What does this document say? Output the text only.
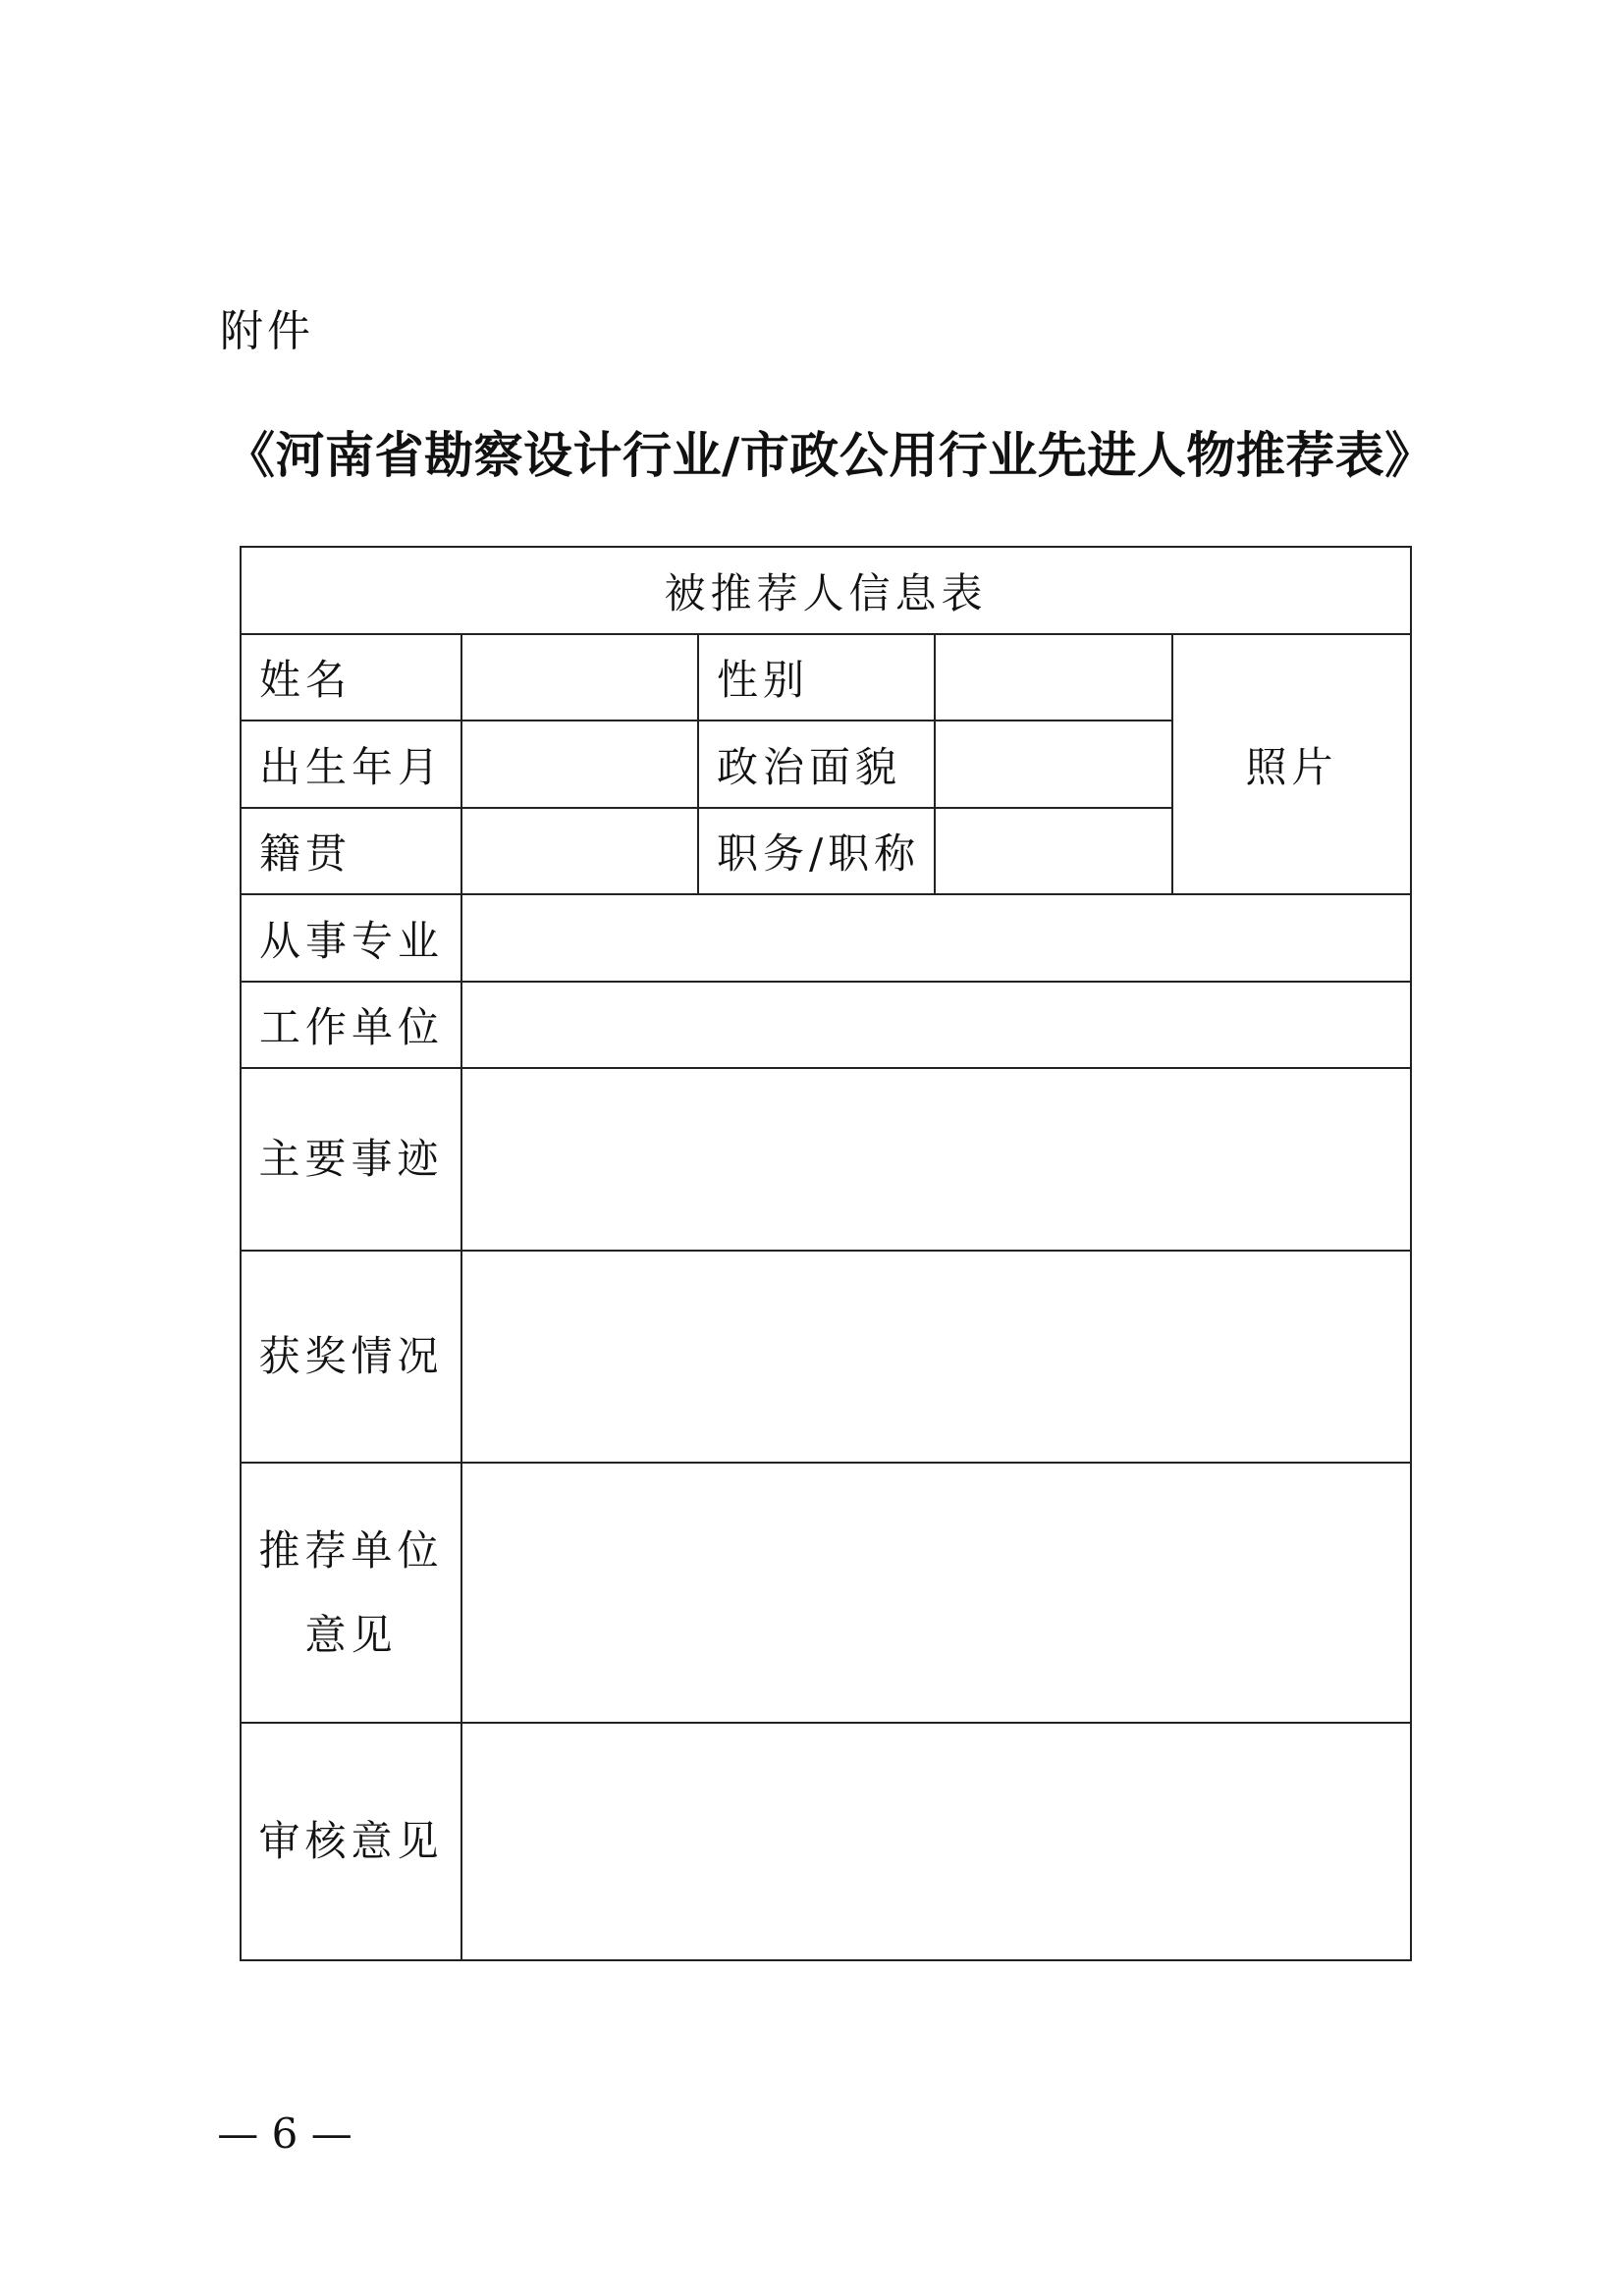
附件
《河南省勘察设计行业/市政公用行业先进人物推荐表》
被推荐人信息表				
姓名		性别		照片
出生年月		政治面貌		
籍贯		职务/职称		
从事专业				
工作单位				
主要事迹				
获奖情况				

推荐单位
意见				

审核意见				
— 6 —
